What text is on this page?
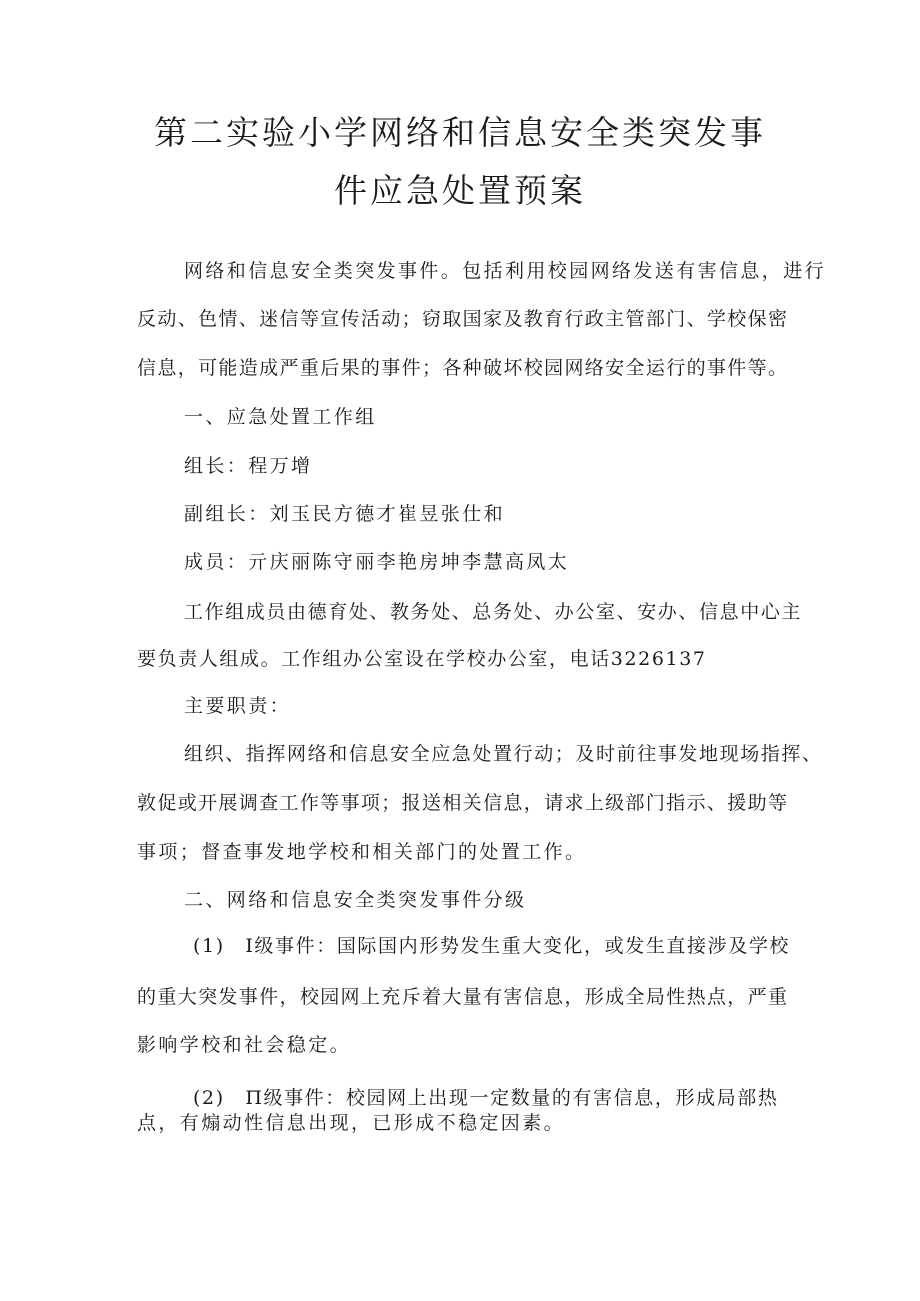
第二实验小学网络和信息安全类突发事
件应急处置预案
网络和信息安全类突发事件。包括利用校园网络发送有害信息，进行
反动、色情、迷信等宣传活动；窃取国家及教育行政主管部门、学校保密
信息，可能造成严重后果的事件；各种破坏校园网络安全运行的事件等。
一、应急处置工作组
组长：程万增
副组长：刘玉民方德才崔昱张仕和
成员：亓庆丽陈守丽李艳房坤李慧高凤太
工作组成员由德育处、教务处、总务处、办公室、安办、信息中心主
要负责人组成。工作组办公室设在学校办公室，电话3226137
主要职责：
组织、指挥网络和信息安全应急处置行动；及时前往事发地现场指挥、
敦促或开展调查工作等事项；报送相关信息，请求上级部门指示、援助等
事项；督查事发地学校和相关部门的处置工作。
二、网络和信息安全类突发事件分级
(1)　Ⅰ级事件：国际国内形势发生重大变化，或发生直接涉及学校
的重大突发事件，校园网上充斥着大量有害信息，形成全局性热点，严重
影响学校和社会稳定。
(2)　Π级事件：校园网上出现一定数量的有害信息，形成局部热
点，有煽动性信息出现，已形成不稳定因素。
